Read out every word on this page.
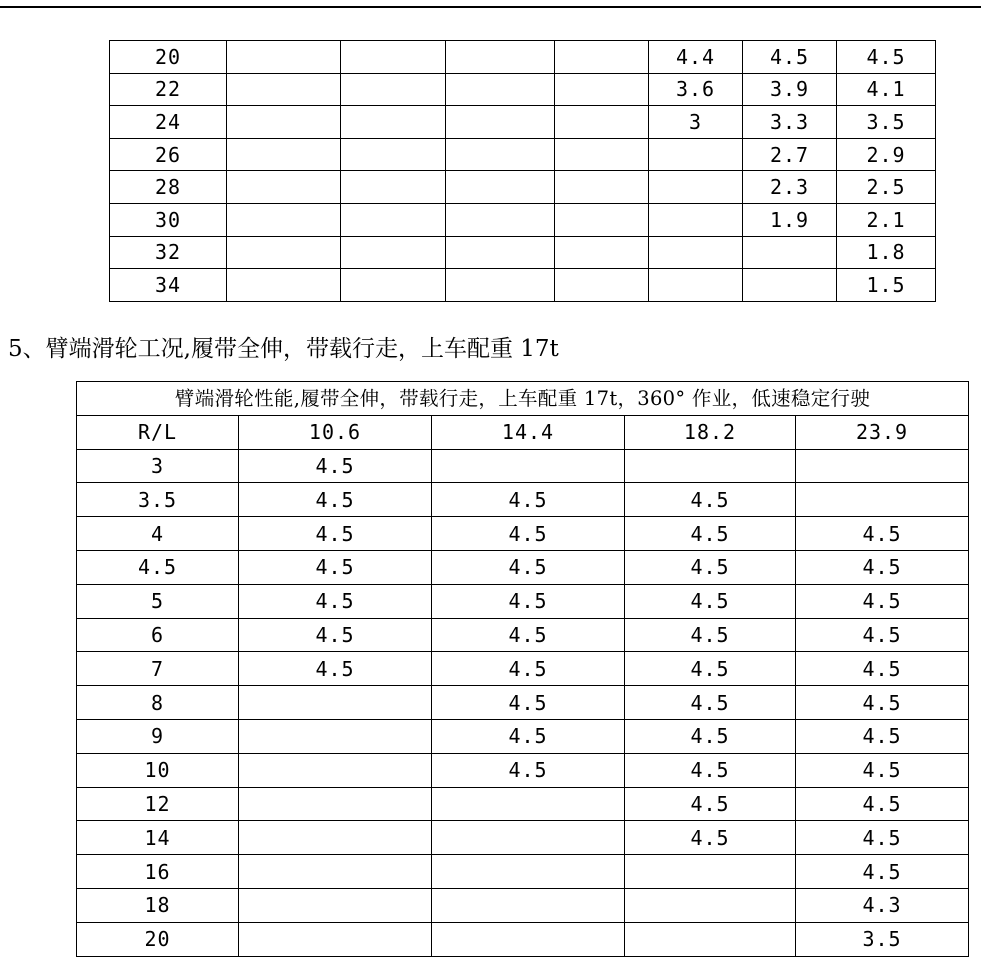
20					4.4	4.5	4.5
22					3.6	3.9	4.1
24					3	3.3	3.5
26						2.7	2.9
28						2.3	2.5
30						1.9	2.1
32							1.8
34							1.5
5、臂端滑轮工况,履带全伸，带载行走，上车配重 17t
臂端滑轮性能,履带全伸，带载行走，上车配重 17t，360° 作业，低速稳定行驶				
R/L	10.6	14.4	18.2	23.9
3	4.5			
3.5	4.5	4.5	4.5	
4	4.5	4.5	4.5	4.5
4.5	4.5	4.5	4.5	4.5
5	4.5	4.5	4.5	4.5
6	4.5	4.5	4.5	4.5
7	4.5	4.5	4.5	4.5
8		4.5	4.5	4.5
9		4.5	4.5	4.5
10		4.5	4.5	4.5
12			4.5	4.5
14			4.5	4.5
16				4.5
18				4.3
20				3.5
